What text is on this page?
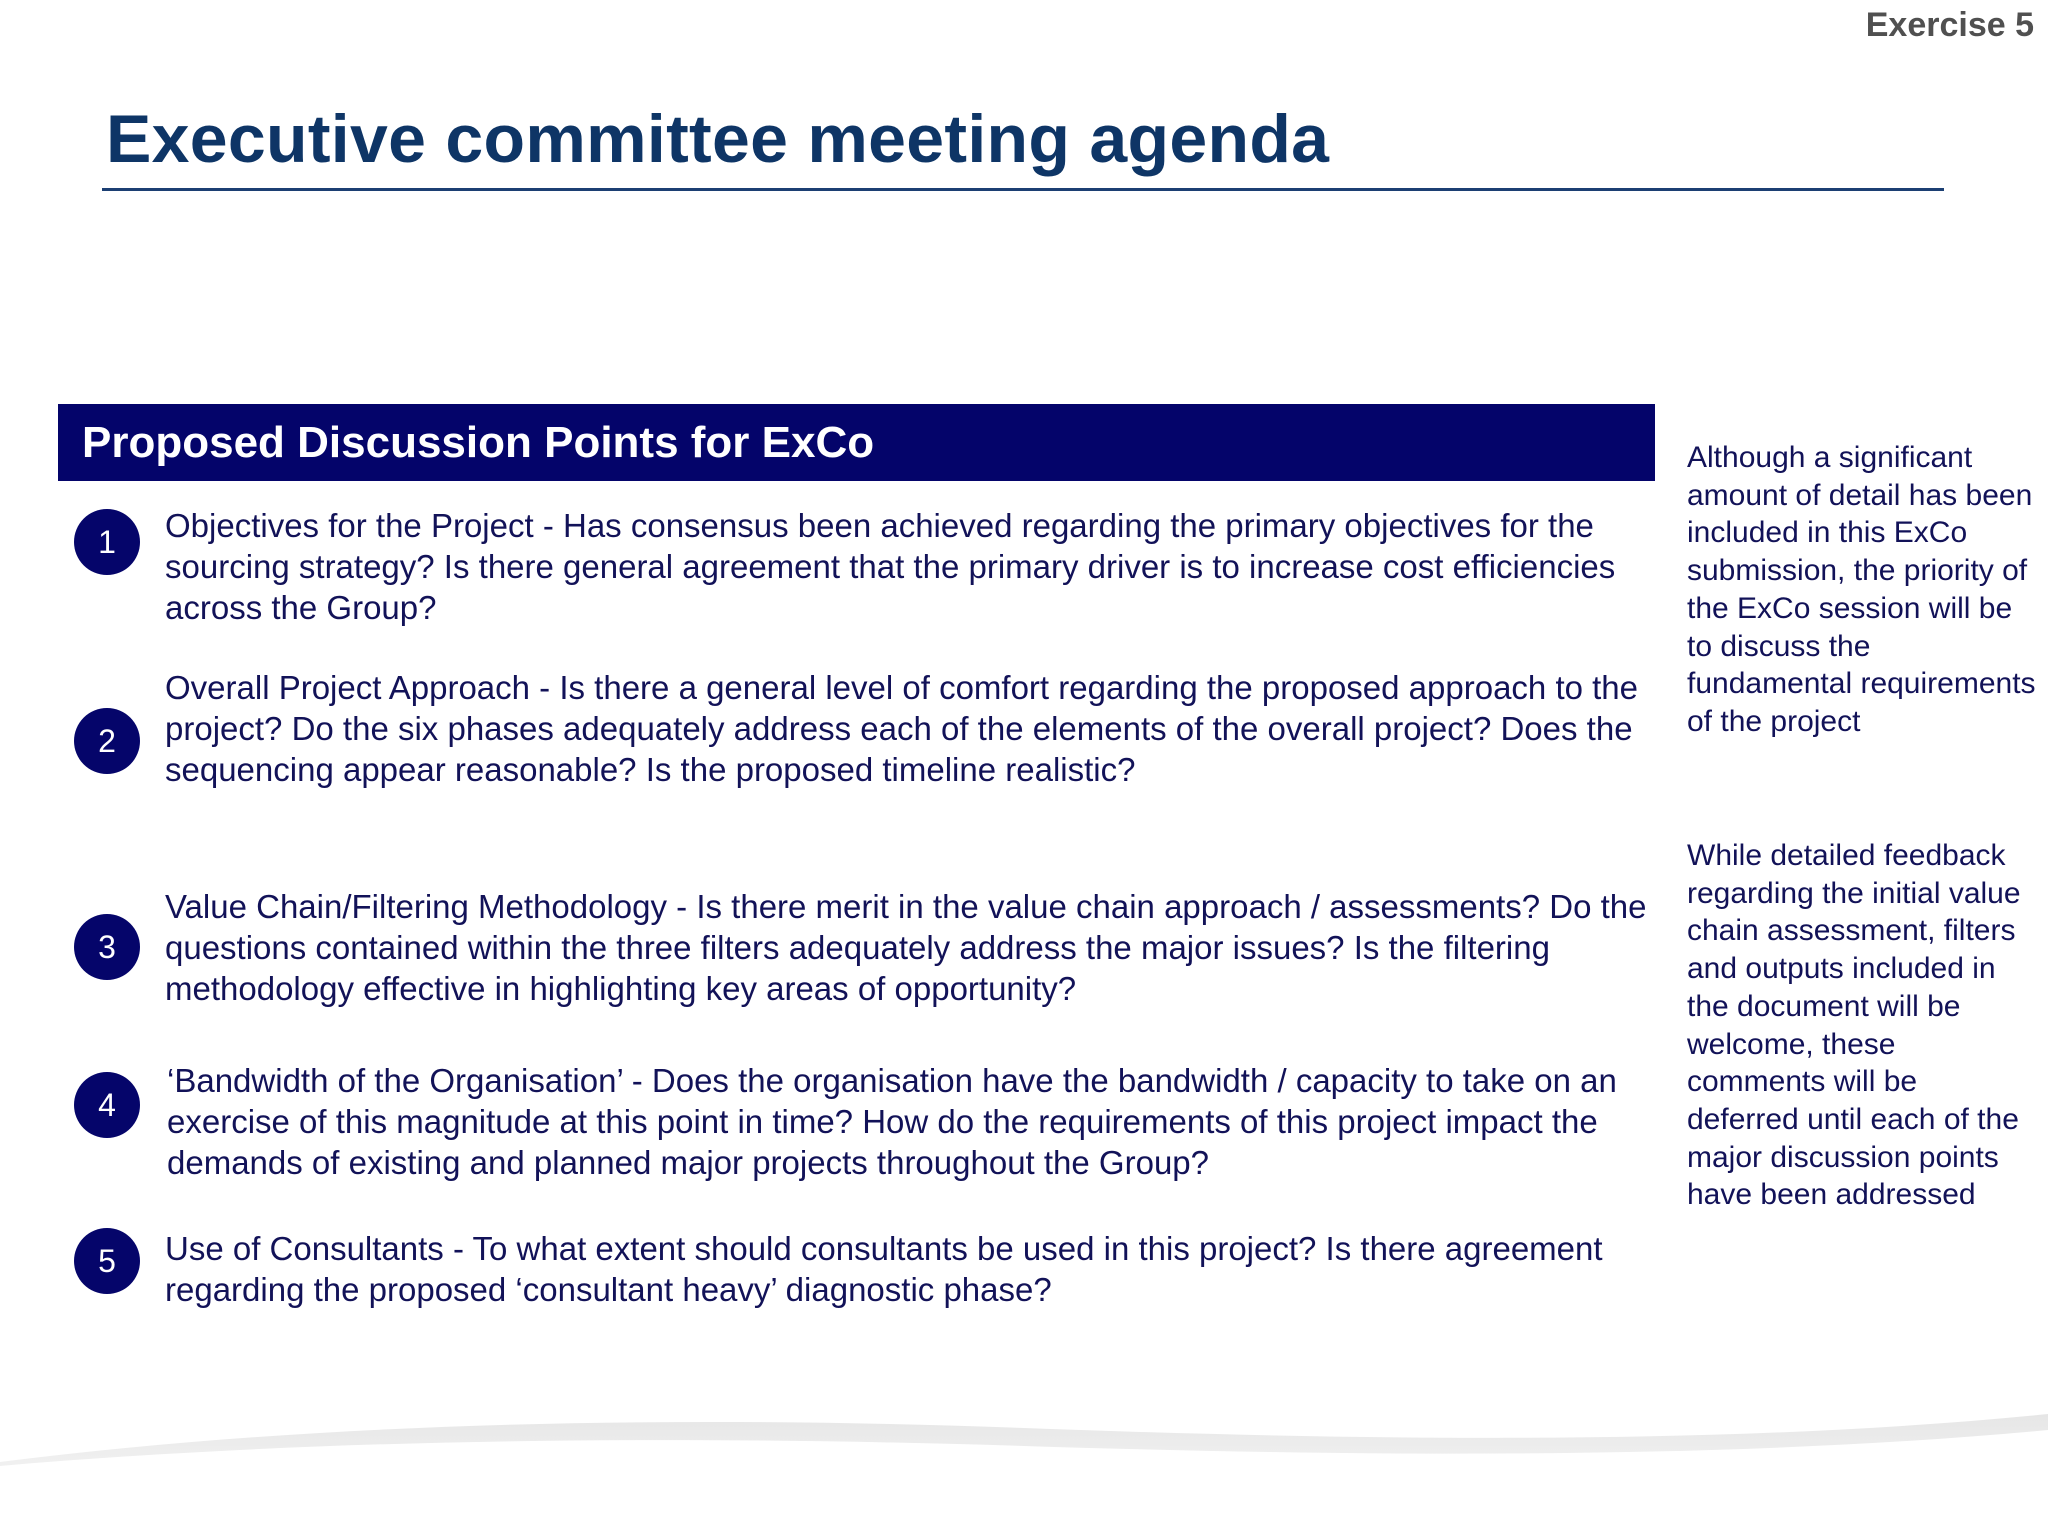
Exercise 5
Executive committee meeting agenda
Proposed Discussion Points for ExCo
1	Objectives for the Project - Has consensus been achieved regarding the primary objectives for the sourcing strategy? Is there general agreement that the primary driver is to increase cost efficiencies across the Group?

2

Overall Project Approach - Is there a general level of comfort regarding the proposed approach to the project? Do the six phases adequately address each of the elements of the overall project? Does the sequencing appear reasonable? Is the proposed timeline realistic?

3

Value Chain/Filtering Methodology - Is there merit in the value chain approach / assessments? Do the questions contained within the three filters adequately address the major issues? Is the filtering methodology effective in highlighting key areas of opportunity?

4

‘Bandwidth of the Organisation’ - Does the organisation have the bandwidth / capacity to take on an exercise of this magnitude at this point in time? How do the requirements of this project impact the demands of existing and planned major projects throughout the Group?

5	Use of Consultants - To what extent should consultants be used in this project? Is there agreement regarding the proposed ‘consultant heavy’ diagnostic phase?

Although a significant amount of detail has been included in this ExCo submission, the priority of the ExCo session will be to discuss the fundamental requirements of the project

While detailed feedback regarding the initial value chain assessment, filters and outputs included in the document will be welcome, these comments will be deferred until each of the major discussion points have been addressed
